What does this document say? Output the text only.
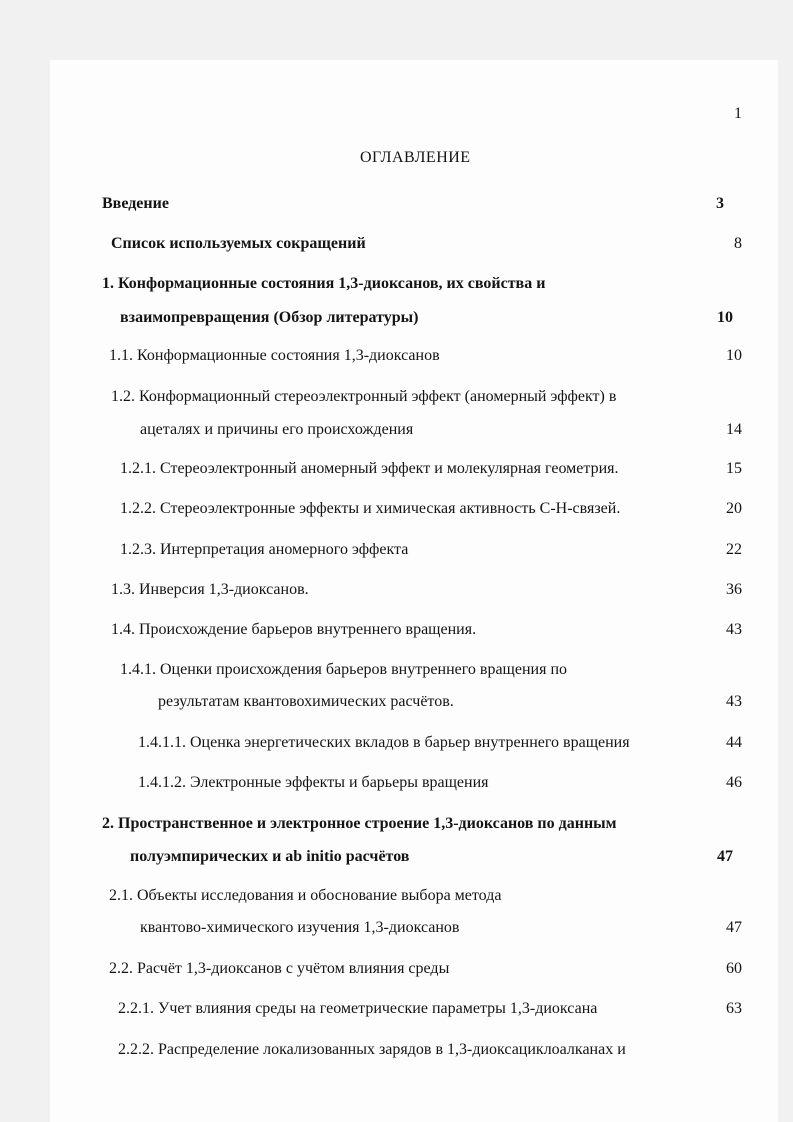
1
ОГЛАВЛЕНИЕ
Введение	3
Список используемых сокращений	8
1. Конформационные состояния 1,3-диоксанов, их свойства и
взаимопревращения (Обзор литературы)	10
1.1. Конформационные состояния 1,3-диоксанов	10
1.2. Конформационный стереоэлектронный эффект (аномерный эффект) в
ацеталях и причины его происхождения	14
1.2.1. Стереоэлектронный аномерный эффект и молекулярная геометрия.	15
1.2.2. Стереоэлектронные эффекты и химическая активность С-Н-связей.	20
1.2.3. Интерпретация аномерного эффекта	22
1.3. Инверсия 1,3-диоксанов.	36
1.4. Происхождение барьеров внутреннего вращения.	43
1.4.1. Оценки происхождения барьеров внутреннего вращения по
результатам квантовохимических расчётов.	43
1.4.1.1. Оценка энергетических вкладов в барьер внутреннего вращения	44
1.4.1.2. Электронные эффекты и барьеры вращения	46
2. Пространственное и электронное строение 1,3-диоксанов по данным
полуэмпирических и ab initio расчётов	47
2.1. Объекты исследования и обоснование выбора метода
квантово-химического изучения 1,3-диоксанов	47
2.2. Расчёт 1,3-диоксанов с учётом влияния среды	60
2.2.1. Учет влияния среды на геометрические параметры 1,3-диоксана	63
2.2.2. Распределение локализованных зарядов в 1,3-диоксациклоалканах и
